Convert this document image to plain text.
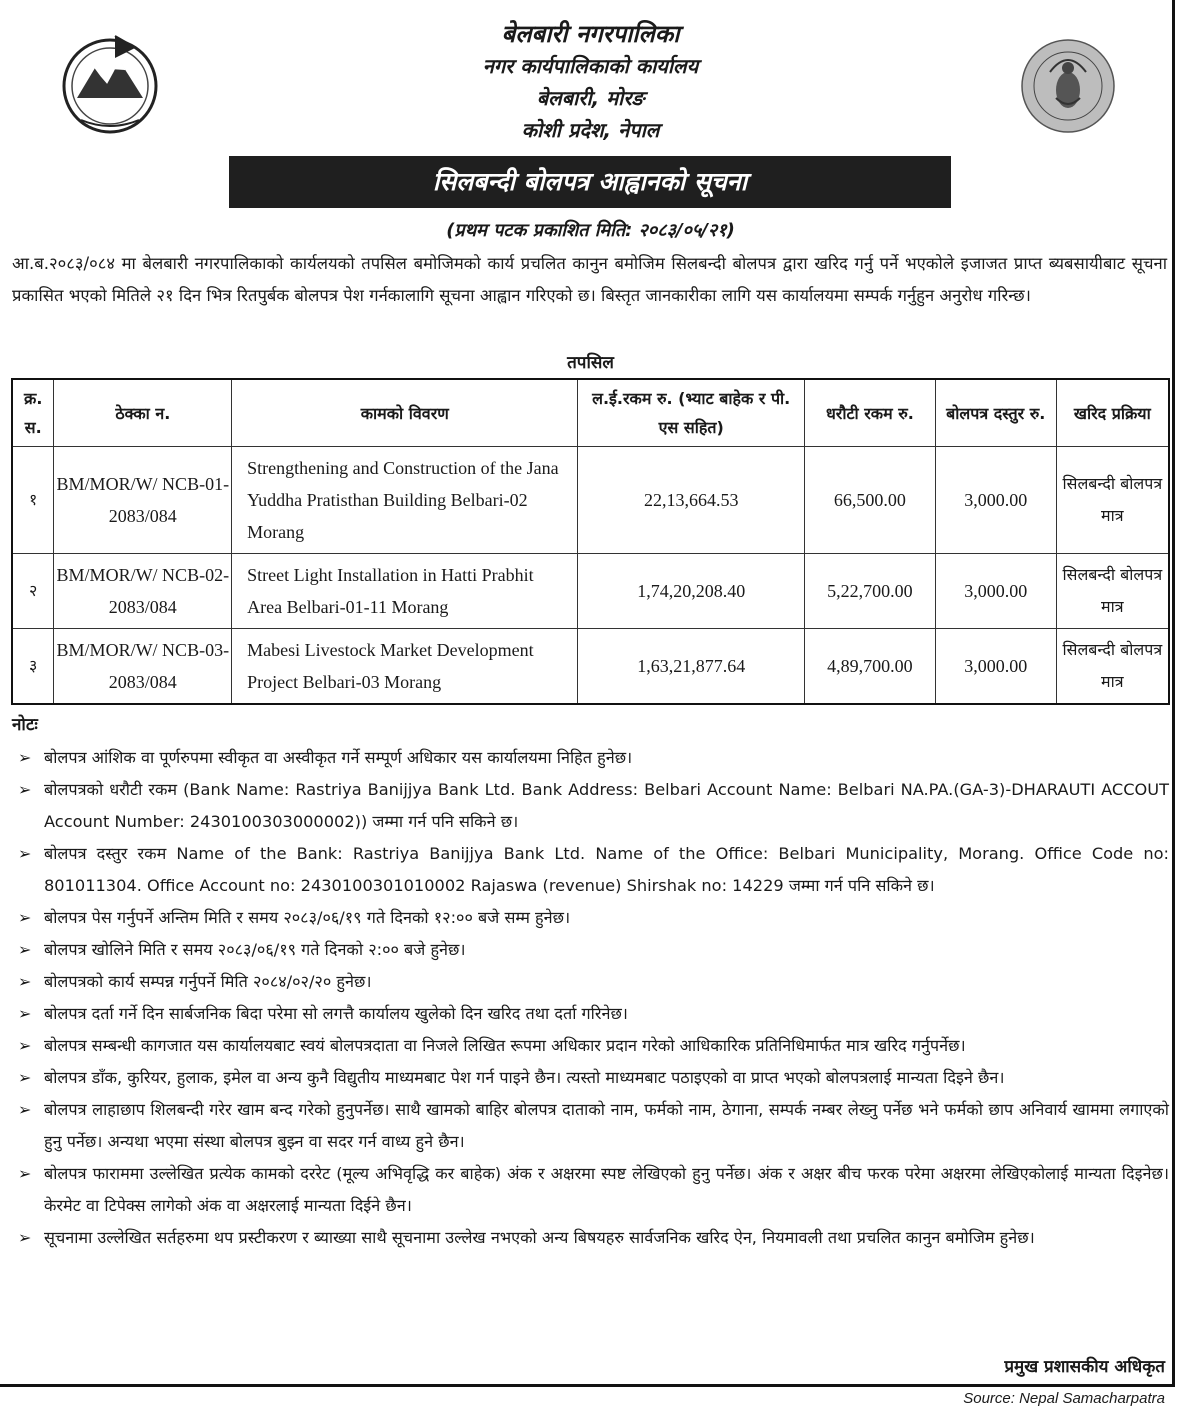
बेलबारी नगरपालिका
नगर कार्यपालिकाको कार्यालय
बेलबारी, मोरङ
कोशी प्रदेश, नेपाल
सिलबन्दी बोलपत्र आह्वानको सूचना
(प्रथम पटक प्रकाशित मिति: २०८३/०५/२१)
आ.ब.२०८३/०८४ मा बेलबारी नगरपालिकाको कार्यलयको तपसिल बमोजिमको कार्य प्रचलित कानुन बमोजिम सिलबन्दी बोलपत्र द्वारा खरिद गर्नु पर्ने भएकोले इजाजत प्राप्त ब्यबसायीबाट सूचना प्रकासित भएको मितिले २१ दिन भित्र रितपुर्बक बोलपत्र पेश गर्नकालागि सूचना आह्वान गरिएको छ। बिस्तृत जानकारीका लागि यस कार्यालयमा सम्पर्क गर्नुहुन अनुरोध गरिन्छ।
तपसिल
क्र. स.	ठेक्का न.	कामको विवरण	ल.ई.रकम रु. (भ्याट बाहेक र पी. एस सहित)	धरौटी रकम रु.	बोलपत्र दस्तुर रु.	खरिद प्रक्रिया
१	BM/MOR/W/ NCB-01-2083/084	Strengthening and Construction of the Jana Yuddha Pratisthan Building Belbari-02 Morang	22,13,664.53	66,500.00	3,000.00	सिलबन्दी बोलपत्र मात्र
२	BM/MOR/W/ NCB-02-2083/084	Street Light Installation in Hatti Prabhit Area Belbari-01-11 Morang	1,74,20,208.40	5,22,700.00	3,000.00	सिलबन्दी बोलपत्र मात्र
३	BM/MOR/W/ NCB-03-2083/084	Mabesi Livestock Market Development Project Belbari-03 Morang	1,63,21,877.64	4,89,700.00	3,000.00	सिलबन्दी बोलपत्र मात्र
नोटः
➢ बोलपत्र आंशिक वा पूर्णरुपमा स्वीकृत वा अस्वीकृत गर्ने सम्पूर्ण अधिकार यस कार्यालयमा निहित हुनेछ।
➢ बोलपत्रको धरौटी रकम (Bank Name: Rastriya Banijjya Bank Ltd. Bank Address: Belbari Account Name: Belbari NA.PA.(GA-3)-DHARAUTI ACCOUT Account Number: 2430100303000002)) जम्मा गर्न पनि सकिने छ।
➢ बोलपत्र दस्तुर रकम Name of the Bank: Rastriya Banijjya Bank Ltd. Name of the Office: Belbari Municipality, Morang. Office Code no: 801011304. Office Account no: 2430100301010002 Rajaswa (revenue) Shirshak no: 14229 जम्मा गर्न पनि सकिने छ।
➢ बोलपत्र पेस गर्नुपर्ने अन्तिम मिति र समय २०८३/०६/१९ गते दिनको १२:०० बजे सम्म हुनेछ।
➢ बोलपत्र खोलिने मिति र समय २०८३/०६/१९ गते दिनको २:०० बजे हुनेछ।
➢ बोलपत्रको कार्य सम्पन्न गर्नुपर्ने मिति २०८४/०२/२० हुनेछ।
➢ बोलपत्र दर्ता गर्ने दिन सार्बजनिक बिदा परेमा सो लगत्तै कार्यालय खुलेको दिन खरिद तथा दर्ता गरिनेछ।
➢ बोलपत्र सम्बन्धी कागजात यस कार्यालयबाट स्वयं बोलपत्रदाता वा निजले लिखित रूपमा अधिकार प्रदान गरेको आधिकारिक प्रतिनिधिमार्फत मात्र खरिद गर्नुपर्नेछ।
➢ बोलपत्र डाँक, कुरियर, हुलाक, इमेल वा अन्य कुनै विद्युतीय माध्यमबाट पेश गर्न पाइने छैन। त्यस्तो माध्यमबाट पठाइएको वा प्राप्त भएको बोलपत्रलाई मान्यता दिइने छैन।
➢ बोलपत्र लाहाछाप शिलबन्दी गरेर खाम बन्द गरेको हुनुपर्नेछ। साथै खामको बाहिर बोलपत्र दाताको नाम, फर्मको नाम, ठेगाना, सम्पर्क नम्बर लेख्नु पर्नेछ भने फर्मको छाप अनिवार्य खाममा लगाएको हुनु पर्नेछ। अन्यथा भएमा संस्था बोलपत्र बुझ्न वा सदर गर्न वाध्य हुने छैन।
➢ बोलपत्र फाराममा उल्लेखित प्रत्येक कामको दररेट (मूल्य अभिवृद्धि कर बाहेक) अंक र अक्षरमा स्पष्ट लेखिएको हुनु पर्नेछ। अंक र अक्षर बीच फरक परेमा अक्षरमा लेखिएकोलाई मान्यता दिइनेछ। केरमेट वा टिपेक्स लागेको अंक वा अक्षरलाई मान्यता दिईने छैन।
➢ सूचनामा उल्लेखित सर्तहरुमा थप प्रस्टीकरण र ब्याख्या साथै सूचनामा उल्लेख नभएको अन्य बिषयहरु सार्वजनिक खरिद ऐन, नियमावली तथा प्रचलित कानुन बमोजिम हुनेछ।
प्रमुख प्रशासकीय अधिकृत
Source: Nepal Samacharpatra
